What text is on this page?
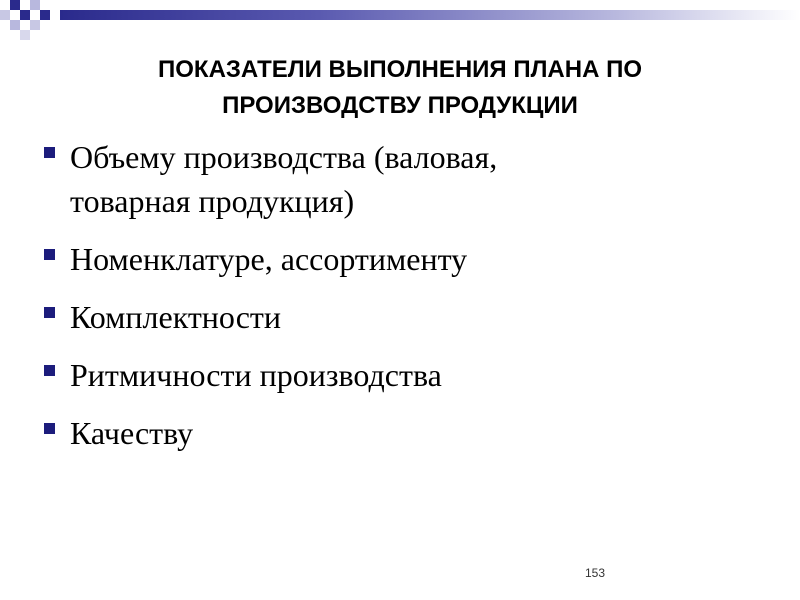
ПОКАЗАТЕЛИ ВЫПОЛНЕНИЯ ПЛАНА ПО
ПРОИЗВОДСТВУ ПРОДУКЦИИ
Объему производства (валовая,
товарная продукция)
Номенклатуре, ассортименту
Комплектности
Ритмичности производства
Качеству
153
